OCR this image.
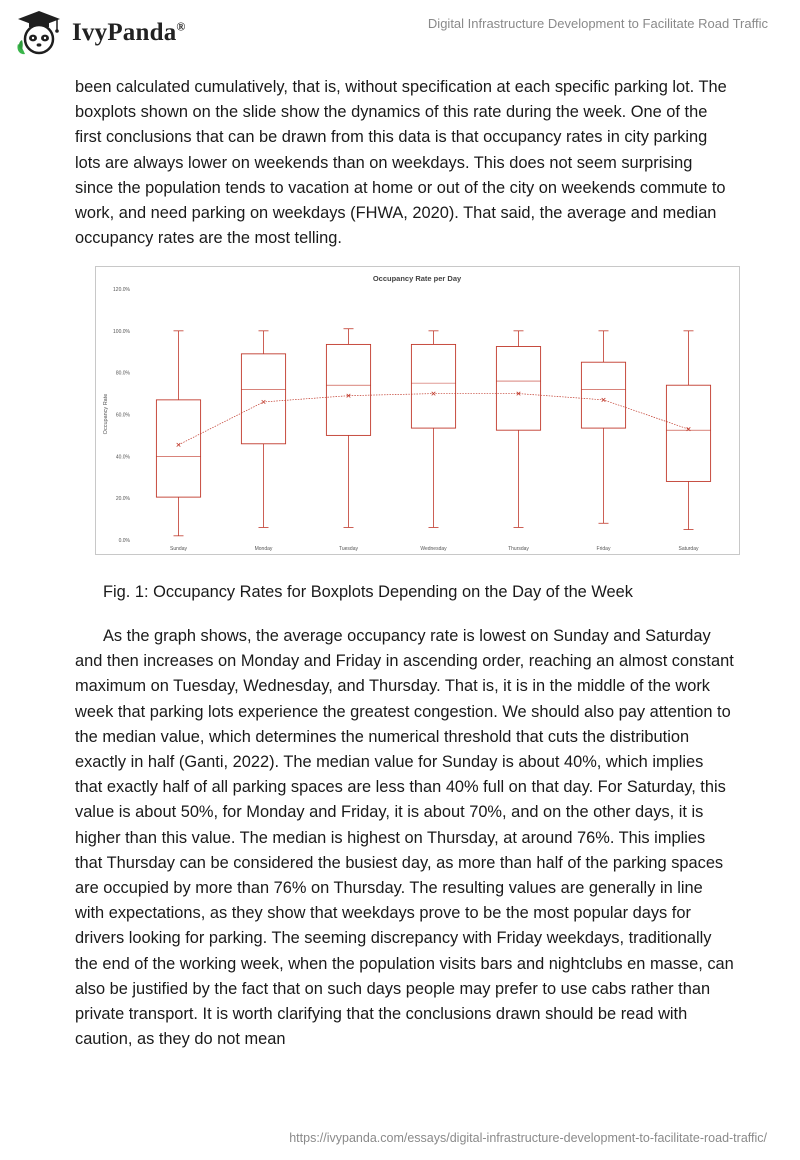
IvyPanda®	Digital Infrastructure Development to Facilitate Road Traffic

been calculated cumulatively, that is, without specification at each specific parking lot. The boxplots shown on the slide show the dynamics of this rate during the week. One of the first conclusions that can be drawn from this data is that occupancy rates in city parking lots are always lower on weekends than on weekdays. This does not seem surprising since the population tends to vacation at home or out of the city on weekends commute to work, and need parking on weekdays (FHWA, 2020). That said, the average and median occupancy rates are the most telling.

Occupancy Rate per Day
Occupancy Rate
0.0%
20.0%
40.0%
60.0%
80.0%
100.0%
120.0%
Sunday	Monday	Tuesday	Wednesday	Thursday	Friday	Saturday

Fig. 1: Occupancy Rates for Boxplots Depending on the Day of the Week

As the graph shows, the average occupancy rate is lowest on Sunday and Saturday and then increases on Monday and Friday in ascending order, reaching an almost constant maximum on Tuesday, Wednesday, and Thursday. That is, it is in the middle of the work week that parking lots experience the greatest congestion. We should also pay attention to the median value, which determines the numerical threshold that cuts the distribution exactly in half (Ganti, 2022). The median value for Sunday is about 40%, which implies that exactly half of all parking spaces are less than 40% full on that day. For Saturday, this value is about 50%, for Monday and Friday, it is about 70%, and on the other days, it is higher than this value. The median is highest on Thursday, at around 76%. This implies that Thursday can be considered the busiest day, as more than half of the parking spaces are occupied by more than 76% on Thursday. The resulting values are generally in line with expectations, as they show that weekdays prove to be the most popular days for drivers looking for parking. The seeming discrepancy with Friday weekdays, traditionally the end of the working week, when the population visits bars and nightclubs en masse, can also be justified by the fact that on such days people may prefer to use cabs rather than private transport. It is worth clarifying that the conclusions drawn should be read with caution, as they do not mean

https://ivypanda.com/essays/digital-infrastructure-development-to-facilitate-road-traffic/
